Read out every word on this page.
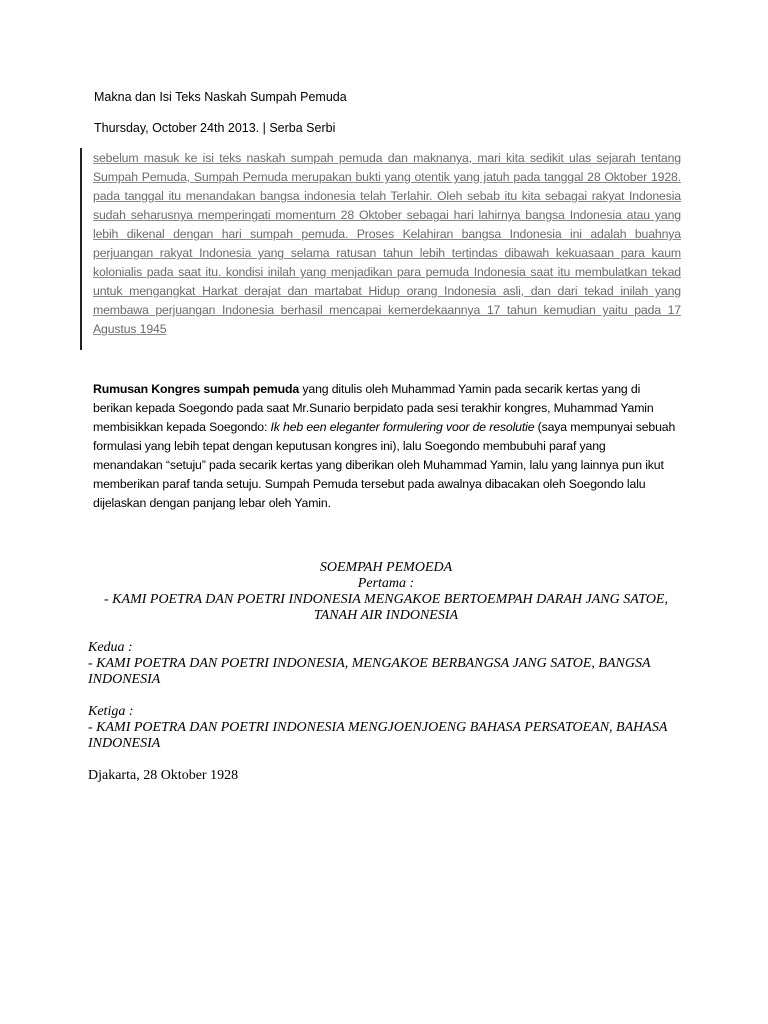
Makna dan Isi Teks Naskah Sumpah Pemuda
Thursday, October 24th 2013. | Serba Serbi

sebelum masuk ke isi teks naskah sumpah pemuda dan maknanya, mari kita sedikit ulas sejarah tentang Sumpah Pemuda, Sumpah Pemuda merupakan bukti yang otentik yang jatuh pada tanggal 28 Oktober 1928. pada tanggal itu menandakan bangsa indonesia telah Terlahir. Oleh sebab itu kita sebagai rakyat Indonesia sudah seharusnya memperingati momentum 28 Oktober sebagai hari lahirnya bangsa Indonesia atau yang lebih dikenal dengan hari sumpah pemuda. Proses Kelahiran bangsa Indonesia ini adalah buahnya perjuangan rakyat Indonesia yang selama ratusan tahun lebih tertindas dibawah kekuasaan para kaum kolonialis pada saat itu. kondisi inilah yang menjadikan para pemuda Indonesia saat itu membulatkan tekad untuk mengangkat Harkat derajat dan martabat Hidup orang Indonesia asli, dan dari tekad inilah yang membawa perjuangan Indonesia berhasil mencapai kemerdekaannya 17 tahun kemudian yaitu pada 17 Agustus 1945

Rumusan Kongres sumpah pemuda yang ditulis oleh Muhammad Yamin pada secarik kertas yang di berikan kepada Soegondo pada saat Mr.Sunario berpidato pada sesi terakhir kongres, Muhammad Yamin membisikkan kepada Soegondo: Ik heb een eleganter formulering voor de resolutie (saya mempunyai sebuah formulasi yang lebih tepat dengan keputusan kongres ini), lalu Soegondo membubuhi paraf yang menandakan “setuju” pada secarik kertas yang diberikan oleh Muhammad Yamin, lalu yang lainnya pun ikut memberikan paraf tanda setuju. Sumpah Pemuda tersebut pada awalnya dibacakan oleh Soegondo lalu dijelaskan dengan panjang lebar oleh Yamin.

SOEMPAH PEMOEDA
Pertama :
- KAMI POETRA DAN POETRI INDONESIA MENGAKOE BERTOEMPAH DARAH JANG SATOE, TANAH AIR INDONESIA
Kedua :
- KAMI POETRA DAN POETRI INDONESIA, MENGAKOE BERBANGSA JANG SATOE, BANGSA INDONESIA
Ketiga :
- KAMI POETRA DAN POETRI INDONESIA MENGJOENJOENG BAHASA PERSATOEAN, BAHASA INDONESIA
Djakarta, 28 Oktober 1928
